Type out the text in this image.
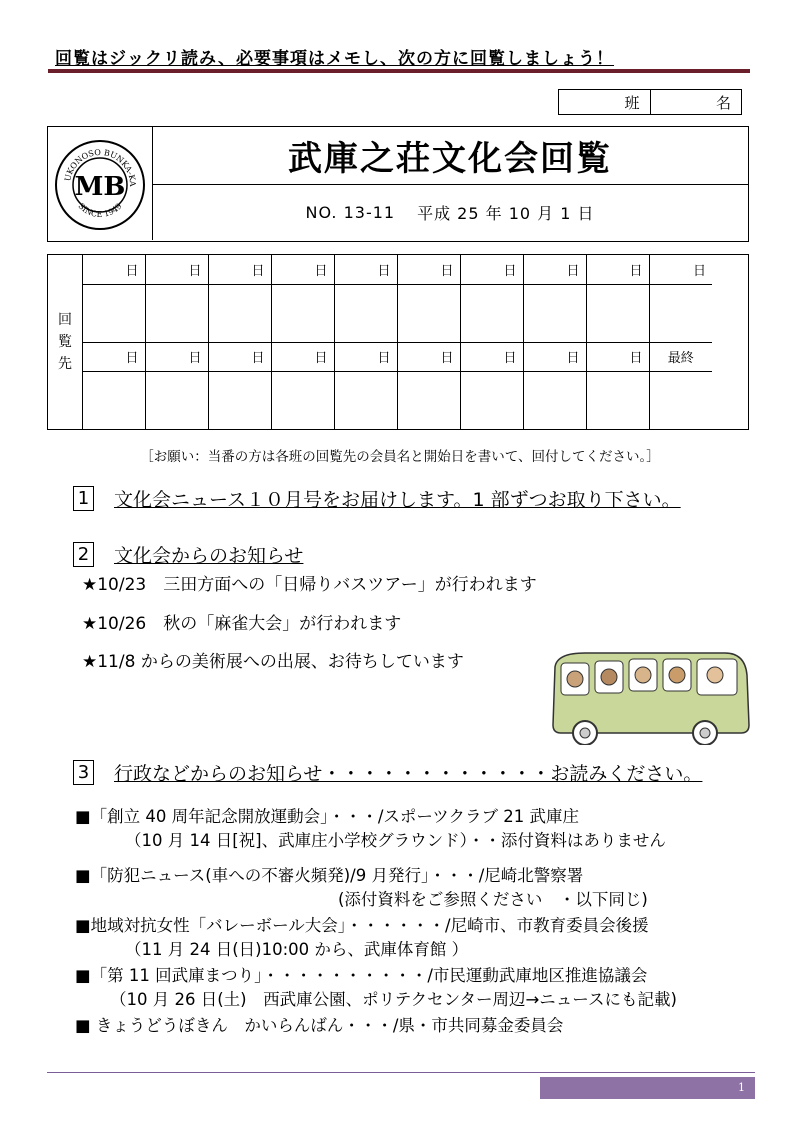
回覧はジックリ読み、必要事項はメモし、次の方に回覧しましょう！
班	名
UKONOSO BUNKA-KA
SINCE 1949
MB
武庫之荘文化会回覧
NO. 13-11 平成 25 年 10 月 1 日
回
覧
先
日	日	日	日	日	日	日	日	日	日

日	日	日	日	日	日	日	日	日	最終

［お願い：当番の方は各班の回覧先の会員名と開始日を書いて、回付してください。］
1 文化会ニュース１０月号をお届けします。1 部ずつお取り下さい。
2 文化会からのお知らせ
★10/23　三田方面への「日帰りバスツアー」が行われます
★10/26　秋の「麻雀大会」が行われます
★11/8 からの美術展への出展、お待ちしています
3 行政などからのお知らせ・・・・・・・・・・・・お読みください。
■「創立 40 周年記念開放運動会」・・・/スポーツクラブ 21 武庫庄
（10 月 14 日[祝]、武庫庄小学校グラウンド）・・添付資料はありません
■「防犯ニュース(車への不審火頻発)/9 月発行」・・・/尼崎北警察署
(添付資料をご参照ください　・以下同じ)
■地域対抗女性「バレーボール大会」・・・・・・/尼崎市、市教育委員会後援
（11 月 24 日(日)10:00 から、武庫体育館 ）
■「第 11 回武庫まつり」・・・・・・・・・・/市民運動武庫地区推進協議会
（10 月 26 日(土)　西武庫公園、ポリテクセンター周辺→ニュースにも記載)
■ きょうどうぼきん　かいらんばん・・・/県・市共同募金委員会
1
